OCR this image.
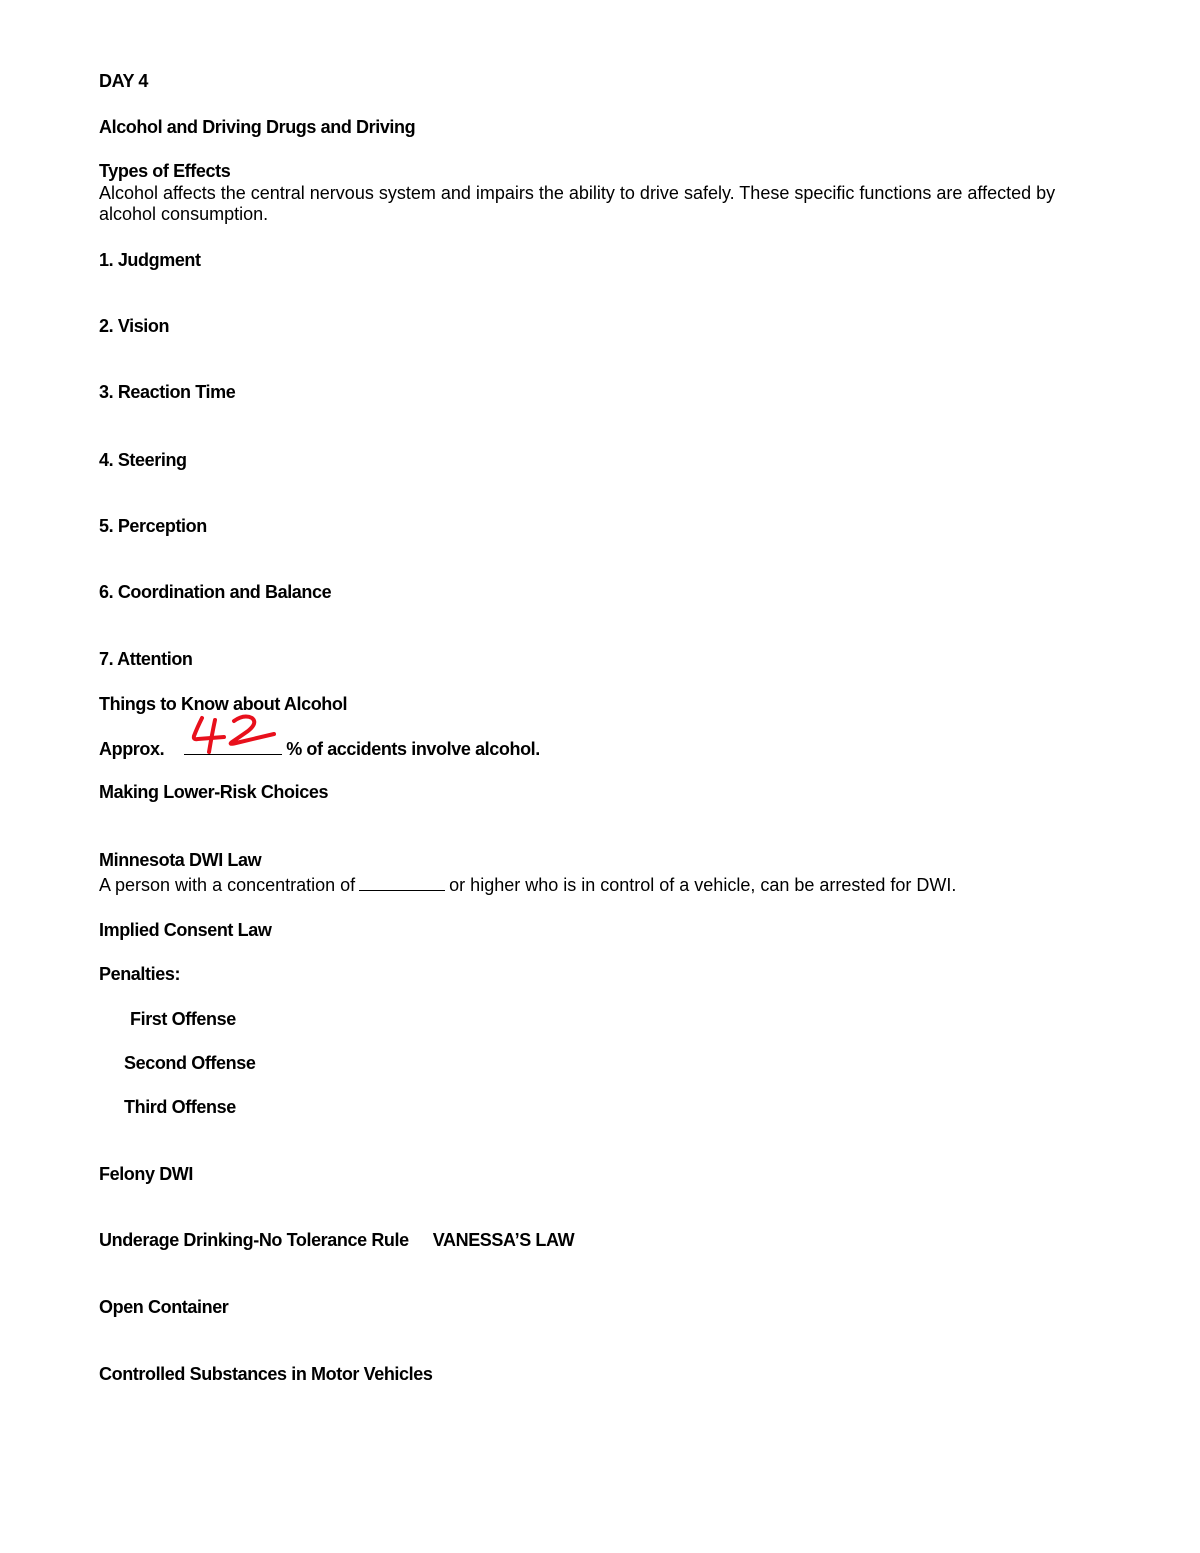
DAY 4
Alcohol and Driving Drugs and Driving
Types of Effects
Alcohol affects the central nervous system and impairs the ability to drive safely. These specific functions are affected by alcohol consumption.
1. Judgment
2. Vision
3. Reaction Time
4. Steering
5. Perception
6. Coordination and Balance
7. Attention
Things to Know about Alcohol
Approx.	% of accidents involve alcohol.
Making Lower-Risk Choices
Minnesota DWI Law
A person with a concentration of	or higher who is in control of a vehicle, can be arrested for DWI.
Implied Consent Law
Penalties:
First Offense
Second Offense
Third Offense
Felony DWI
Underage Drinking-No Tolerance Rule VANESSA’S LAW
Open Container
Controlled Substances in Motor Vehicles
